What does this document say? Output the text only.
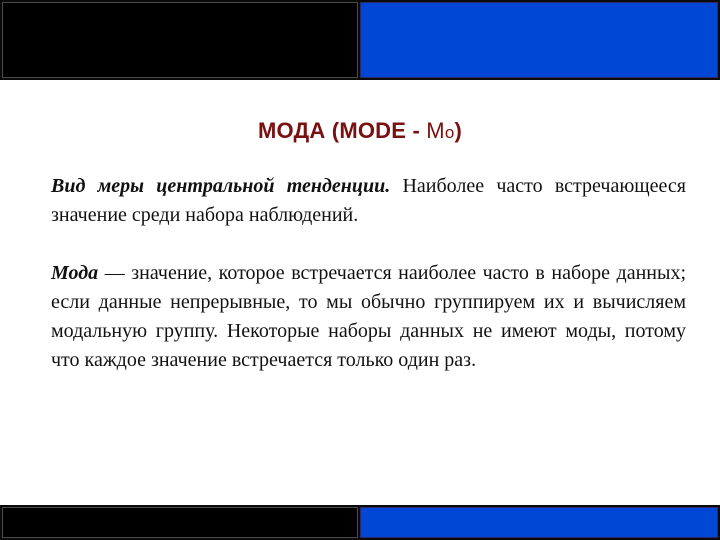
МОДА (MODE - Мо)

Вид меры центральной тенденции. Наиболее часто встречающееся значение среди набора наблюдений.

Мода — значение, которое встречается наиболее часто в наборе данных; если данные непрерывные, то мы обычно группируем их и вычисляем модальную группу. Некоторые наборы данных не имеют моды, потому что каждое значение встречается только один раз.
